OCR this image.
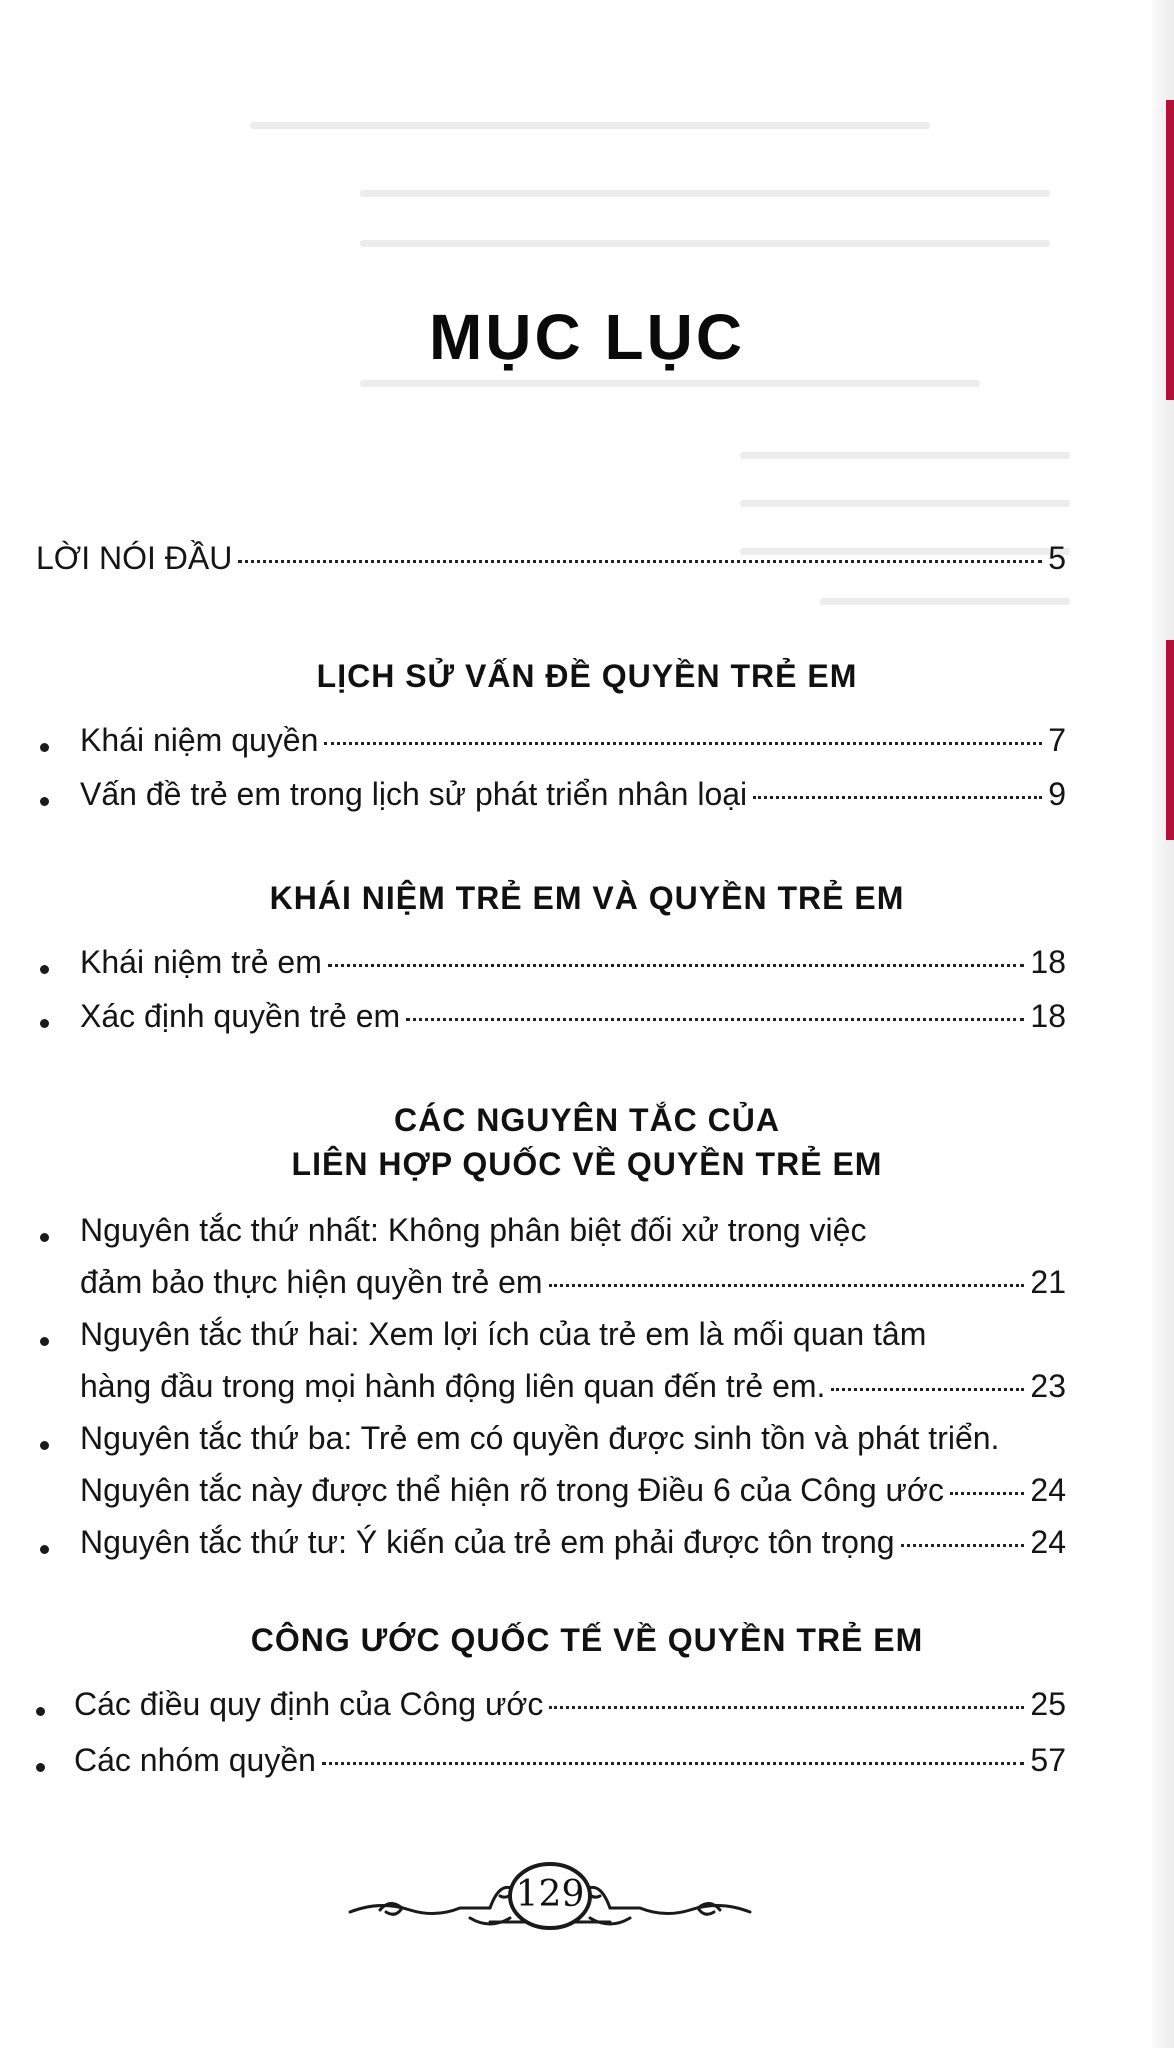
MỤC LỤC
LỜI NÓI ĐẦU	5
LỊCH SỬ VẤN ĐỀ QUYỀN TRẺ EM
Khái niệm quyền	7
Vấn đề trẻ em trong lịch sử phát triển nhân loại	9
KHÁI NIỆM TRẺ EM VÀ QUYỀN TRẺ EM
Khái niệm trẻ em	18
Xác định quyền trẻ em	18
CÁC NGUYÊN TẮC CỦA
LIÊN HỢP QUỐC VỀ QUYỀN TRẺ EM
Nguyên tắc thứ nhất: Không phân biệt đối xử trong việc
đảm bảo thực hiện quyền trẻ em	21
Nguyên tắc thứ hai: Xem lợi ích của trẻ em là mối quan tâm
hàng đầu trong mọi hành động liên quan đến trẻ em.	23
Nguyên tắc thứ ba: Trẻ em có quyền được sinh tồn và phát triển.
Nguyên tắc này được thể hiện rõ trong Điều 6 của Công ước	24
Nguyên tắc thứ tư: Ý kiến của trẻ em phải được tôn trọng	24
CÔNG ƯỚC QUỐC TẾ VỀ QUYỀN TRẺ EM
Các điều quy định của Công ước	25
Các nhóm quyền	57
129
